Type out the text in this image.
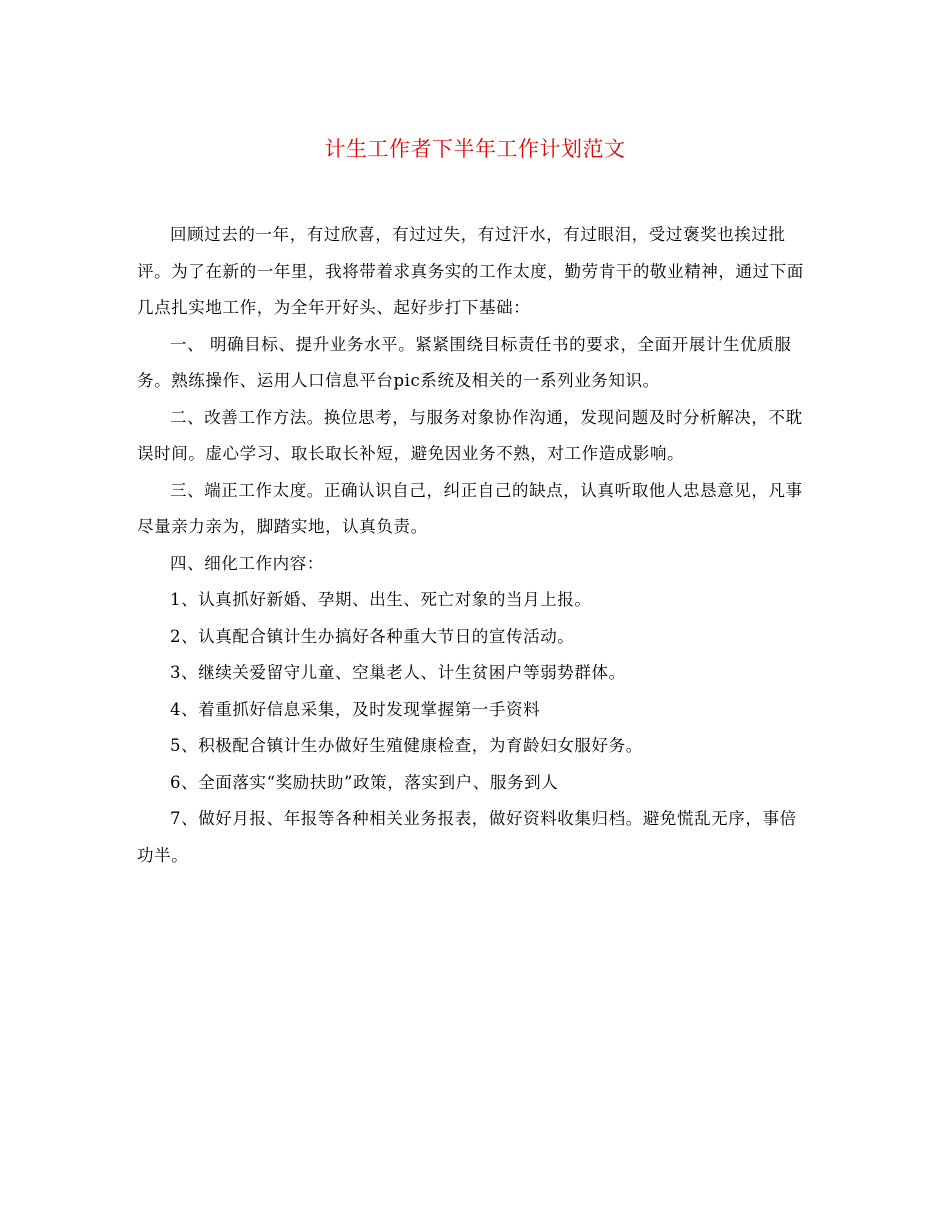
计生工作者下半年工作计划范文

回顾过去的一年，有过欣喜，有过过失，有过汗水，有过眼泪，受过褒奖也挨过批评。为了在新的一年里，我将带着求真务实的工作太度，勤劳肯干的敬业精神，通过下面几点扎实地工作，为全年开好头、起好步打下基础：

一、 明确目标、提升业务水平。紧紧围绕目标责任书的要求，全面开展计生优质服务。熟练操作、运用人口信息平台pic系统及相关的一系列业务知识。

二、改善工作方法。换位思考，与服务对象协作沟通，发现问题及时分析解决，不耽误时间。虚心学习、取长取长补短，避免因业务不熟，对工作造成影响。

三、端正工作太度。正确认识自己，纠正自己的缺点，认真听取他人忠恳意见，凡事尽量亲力亲为，脚踏实地，认真负责。

四、细化工作内容：

1、认真抓好新婚、孕期、出生、死亡对象的当月上报。

2、认真配合镇计生办搞好各种重大节日的宣传活动。

3、继续关爱留守儿童、空巢老人、计生贫困户等弱势群体。

4、着重抓好信息采集，及时发现掌握第一手资料

5、积极配合镇计生办做好生殖健康检查，为育龄妇女服好务。

6、全面落实“奖励扶助”政策，落实到户、服务到人

7、做好月报、年报等各种相关业务报表，做好资料收集归档。避免慌乱无序，事倍功半。
